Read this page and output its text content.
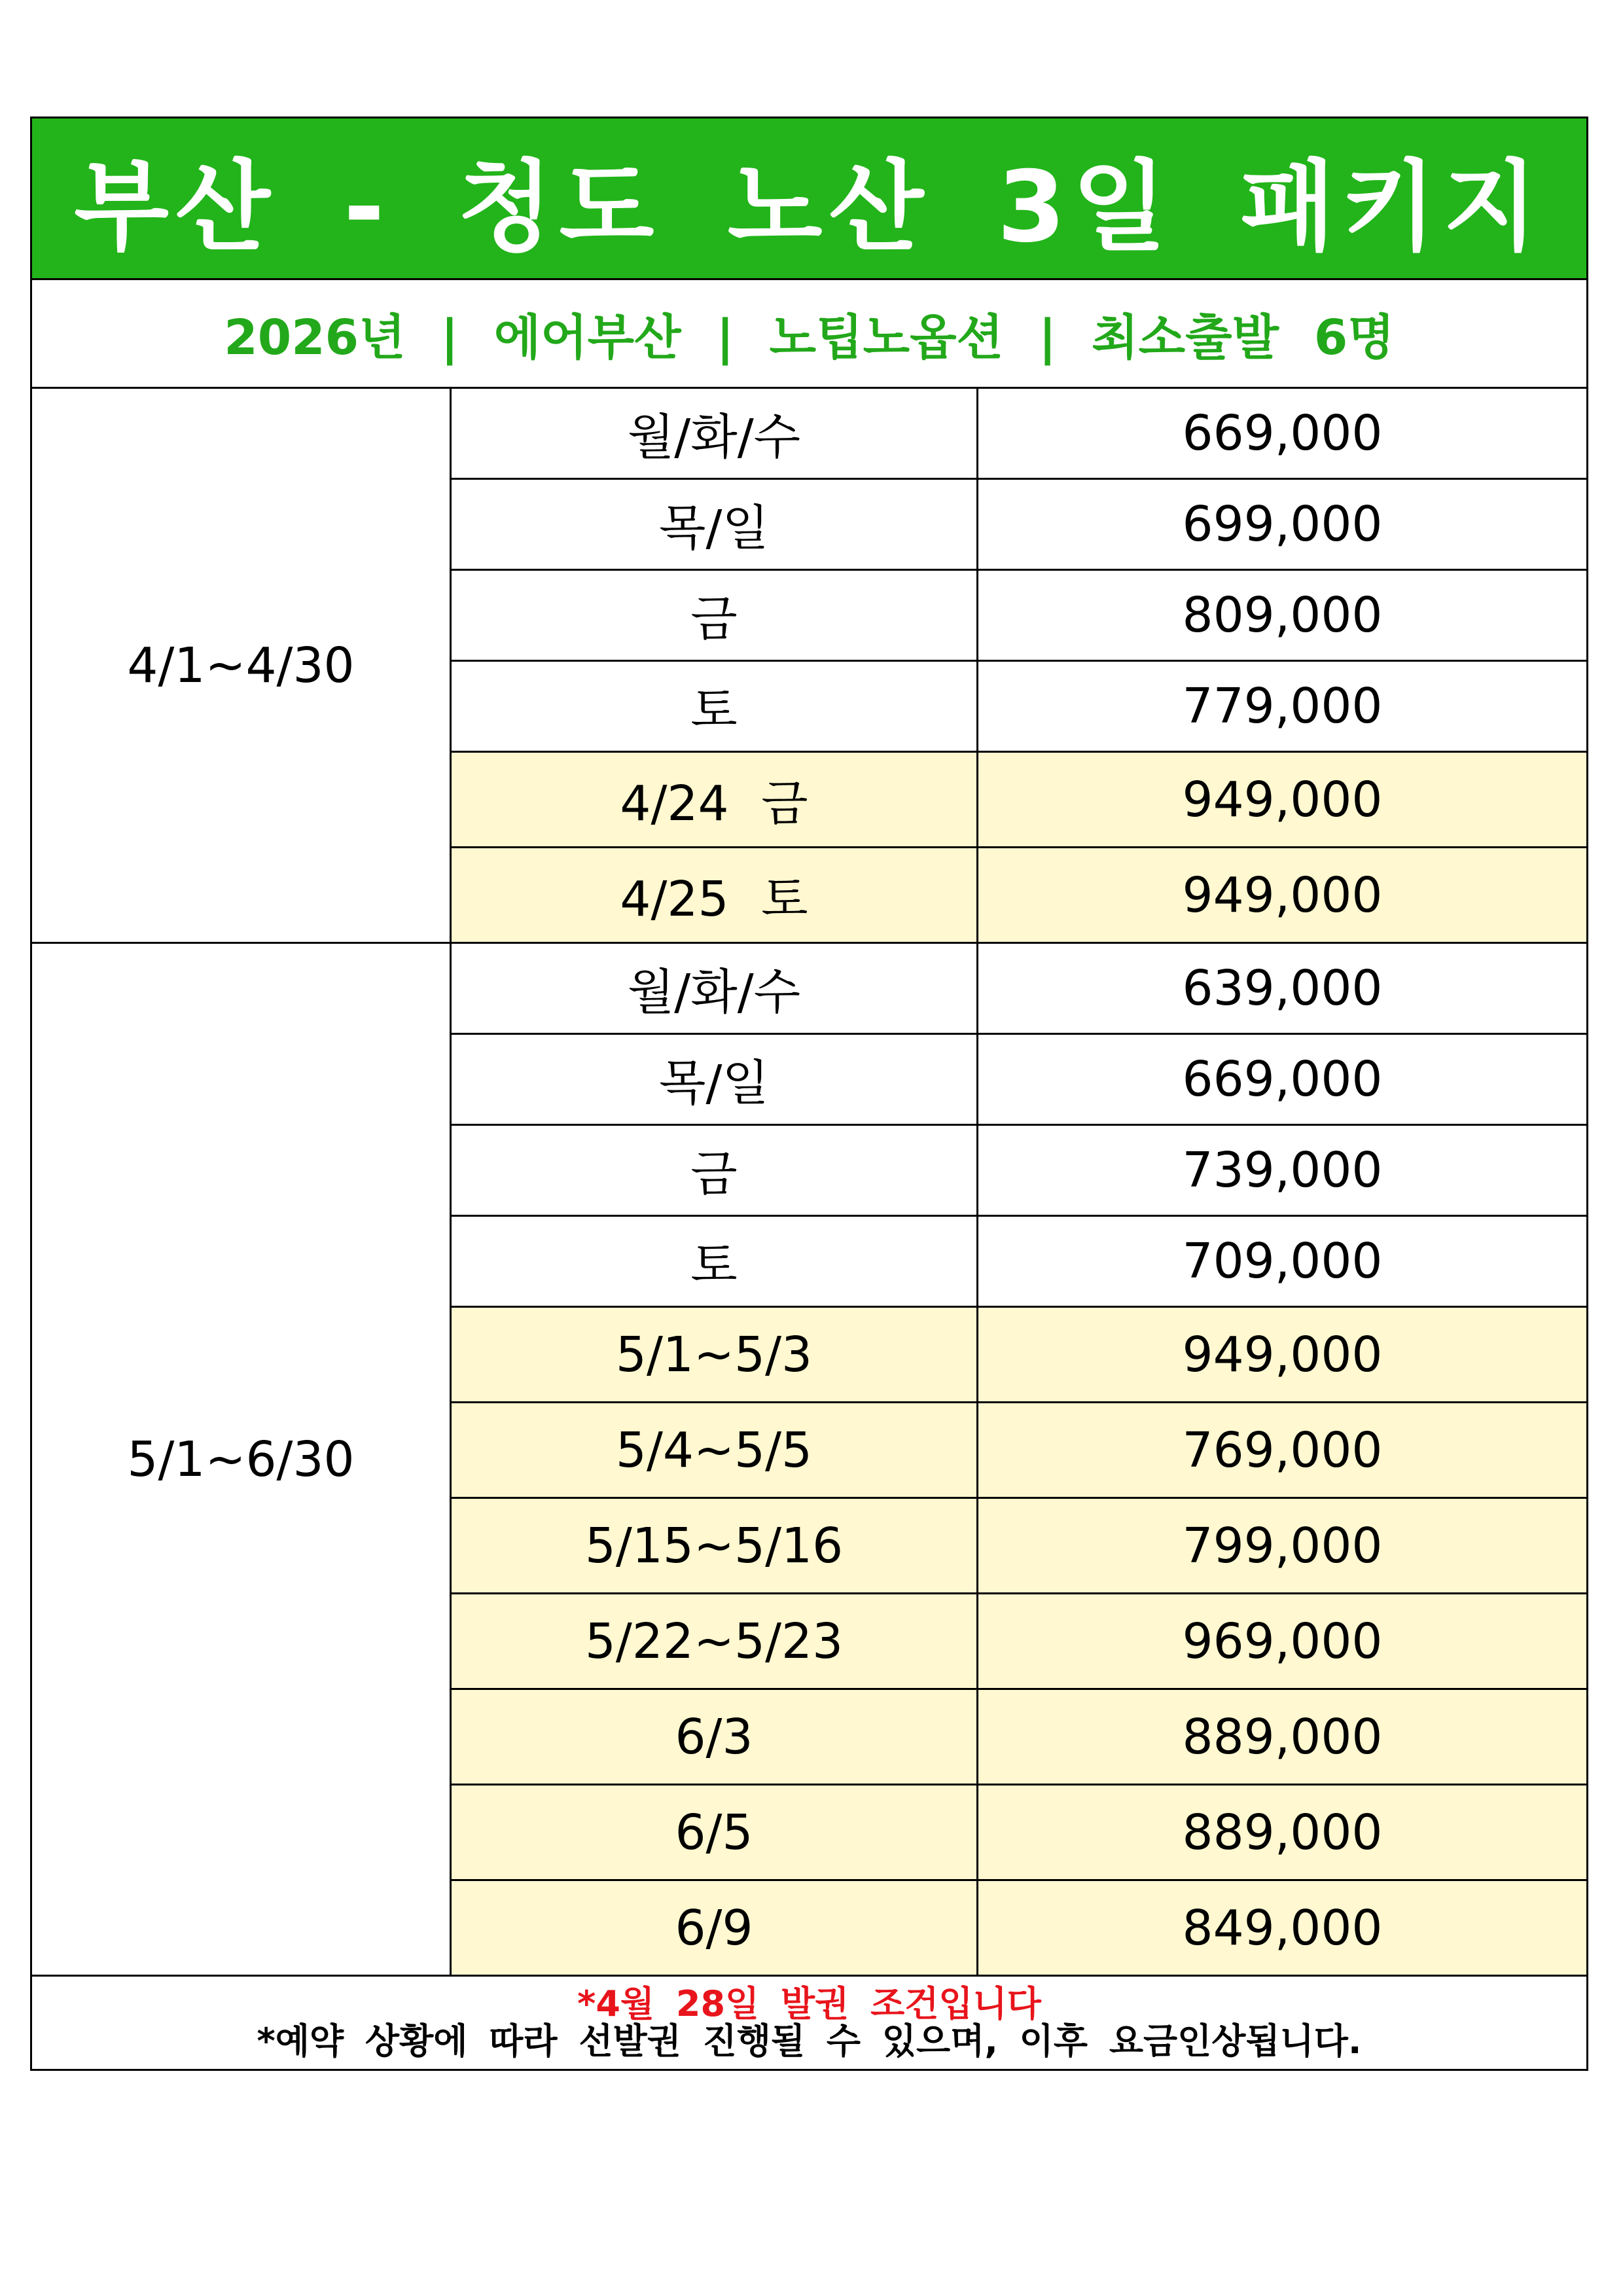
부산 - 청도 노산 3일 패키지		
2026년 | 에어부산 | 노팁노옵션 | 최소출발 6명		
4/1~4/30	월/화/수	669,000
	목/일	699,000
	금	809,000
	토	779,000
	4/24 금	949,000
	4/25 토	949,000
5/1~6/30	월/화/수	639,000
	목/일	669,000
	금	739,000
	토	709,000
	5/1~5/3	949,000
	5/4~5/5	769,000
	5/15~5/16	799,000
	5/22~5/23	969,000
	6/3	889,000
	6/5	889,000
	6/9	849,000

*4월 28일 발권 조건입니다
*예약 상황에 따라 선발권 진행될 수 있으며, 이후 요금인상됩니다.		
